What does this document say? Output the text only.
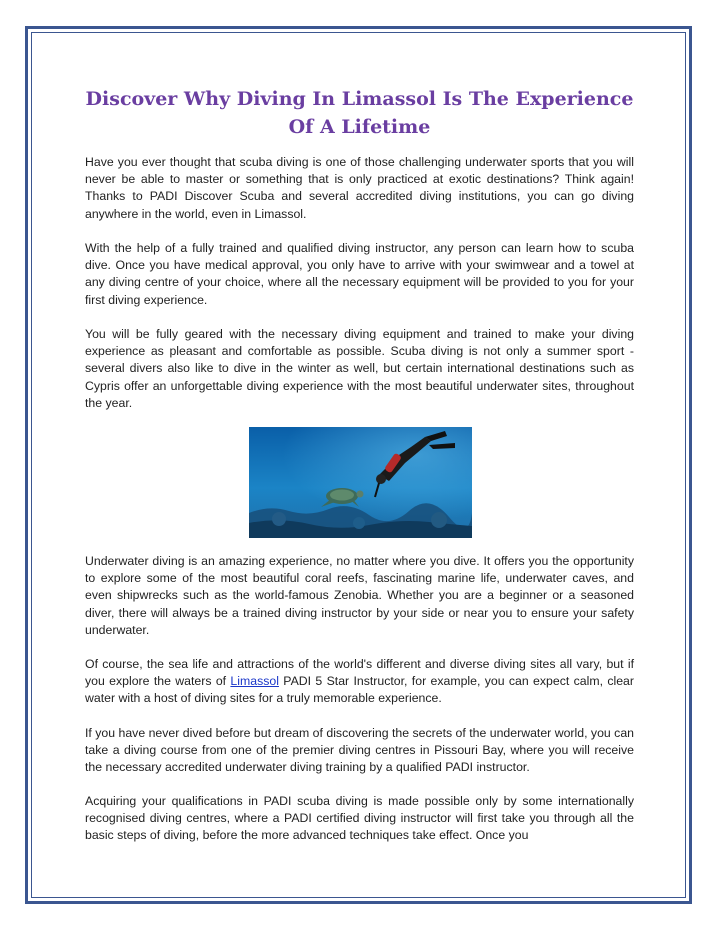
Discover Why Diving In Limassol Is The Experience Of A Lifetime

Have you ever thought that scuba diving is one of those challenging underwater sports that you will never be able to master or something that is only practiced at exotic destinations? Think again! Thanks to PADI Discover Scuba and several accredited diving institutions, you can go diving anywhere in the world, even in Limassol.

With the help of a fully trained and qualified diving instructor, any person can learn how to scuba dive. Once you have medical approval, you only have to arrive with your swimwear and a towel at any diving centre of your choice, where all the necessary equipment will be provided to you for your first diving experience.

You will be fully geared with the necessary diving equipment and trained to make your diving experience as pleasant and comfortable as possible. Scuba diving is not only a summer sport - several divers also like to dive in the winter as well, but certain international destinations such as Cypris offer an unforgettable diving experience with the most beautiful underwater sites, throughout the year.

Underwater diving is an amazing experience, no matter where you dive. It offers you the opportunity to explore some of the most beautiful coral reefs, fascinating marine life, underwater caves, and even shipwrecks such as the world-famous Zenobia. Whether you are a beginner or a seasoned diver, there will always be a trained diving instructor by your side or near you to ensure your safety underwater.

Of course, the sea life and attractions of the world's different and diverse diving sites all vary, but if you explore the waters of Limassol PADI 5 Star Instructor, for example, you can expect calm, clear water with a host of diving sites for a truly memorable experience.

If you have never dived before but dream of discovering the secrets of the underwater world, you can take a diving course from one of the premier diving centres in Pissouri Bay, where you will receive the necessary accredited underwater diving training by a qualified PADI instructor.

Acquiring your qualifications in PADI scuba diving is made possible only by some internationally recognised diving centres, where a PADI certified diving instructor will first take you through all the basic steps of diving, before the more advanced techniques take effect. Once you
